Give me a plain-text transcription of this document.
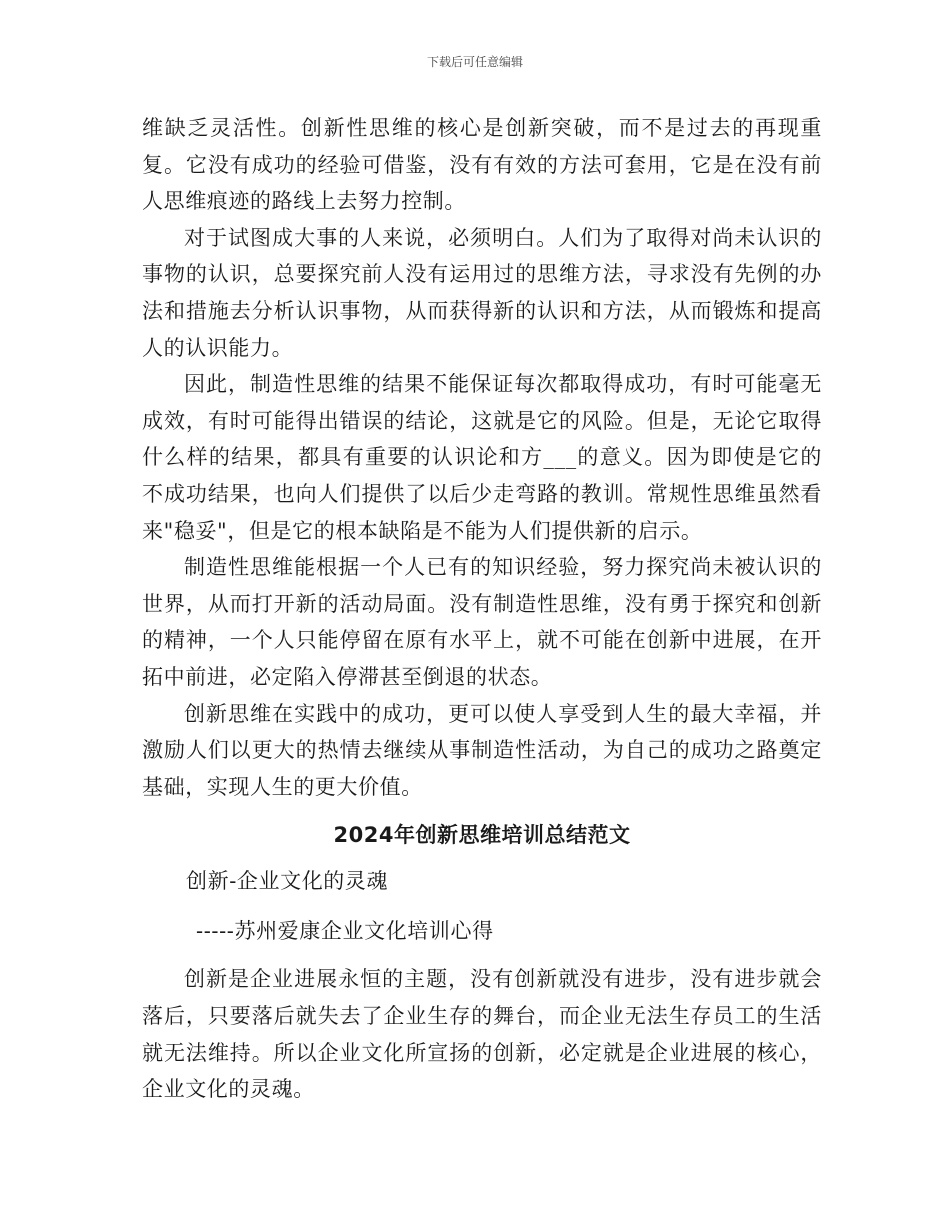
下载后可任意编辑

维缺乏灵活性。创新性思维的核心是创新突破，而不是过去的再现重复。它没有成功的经验可借鉴，没有有效的方法可套用，它是在没有前人思维痕迹的路线上去努力控制。

对于试图成大事的人来说，必须明白。人们为了取得对尚未认识的事物的认识，总要探究前人没有运用过的思维方法，寻求没有先例的办法和措施去分析认识事物，从而获得新的认识和方法，从而锻炼和提高人的认识能力。

因此，制造性思维的结果不能保证每次都取得成功，有时可能毫无成效，有时可能得出错误的结论，这就是它的风险。但是，无论它取得什么样的结果，都具有重要的认识论和方___的意义。因为即使是它的不成功结果，也向人们提供了以后少走弯路的教训。常规性思维虽然看来"稳妥"，但是它的根本缺陷是不能为人们提供新的启示。

制造性思维能根据一个人已有的知识经验，努力探究尚未被认识的世界，从而打开新的活动局面。没有制造性思维，没有勇于探究和创新的精神，一个人只能停留在原有水平上，就不可能在创新中进展，在开拓中前进，必定陷入停滞甚至倒退的状态。

创新思维在实践中的成功，更可以使人享受到人生的最大幸福，并激励人们以更大的热情去继续从事制造性活动，为自己的成功之路奠定基础，实现人生的更大价值。

2024年创新思维培训总结范文

创新-企业文化的灵魂

-----苏州爱康企业文化培训心得

创新是企业进展永恒的主题，没有创新就没有进步，没有进步就会落后，只要落后就失去了企业生存的舞台，而企业无法生存员工的生活就无法维持。所以企业文化所宣扬的创新，必定就是企业进展的核心，企业文化的灵魂。
